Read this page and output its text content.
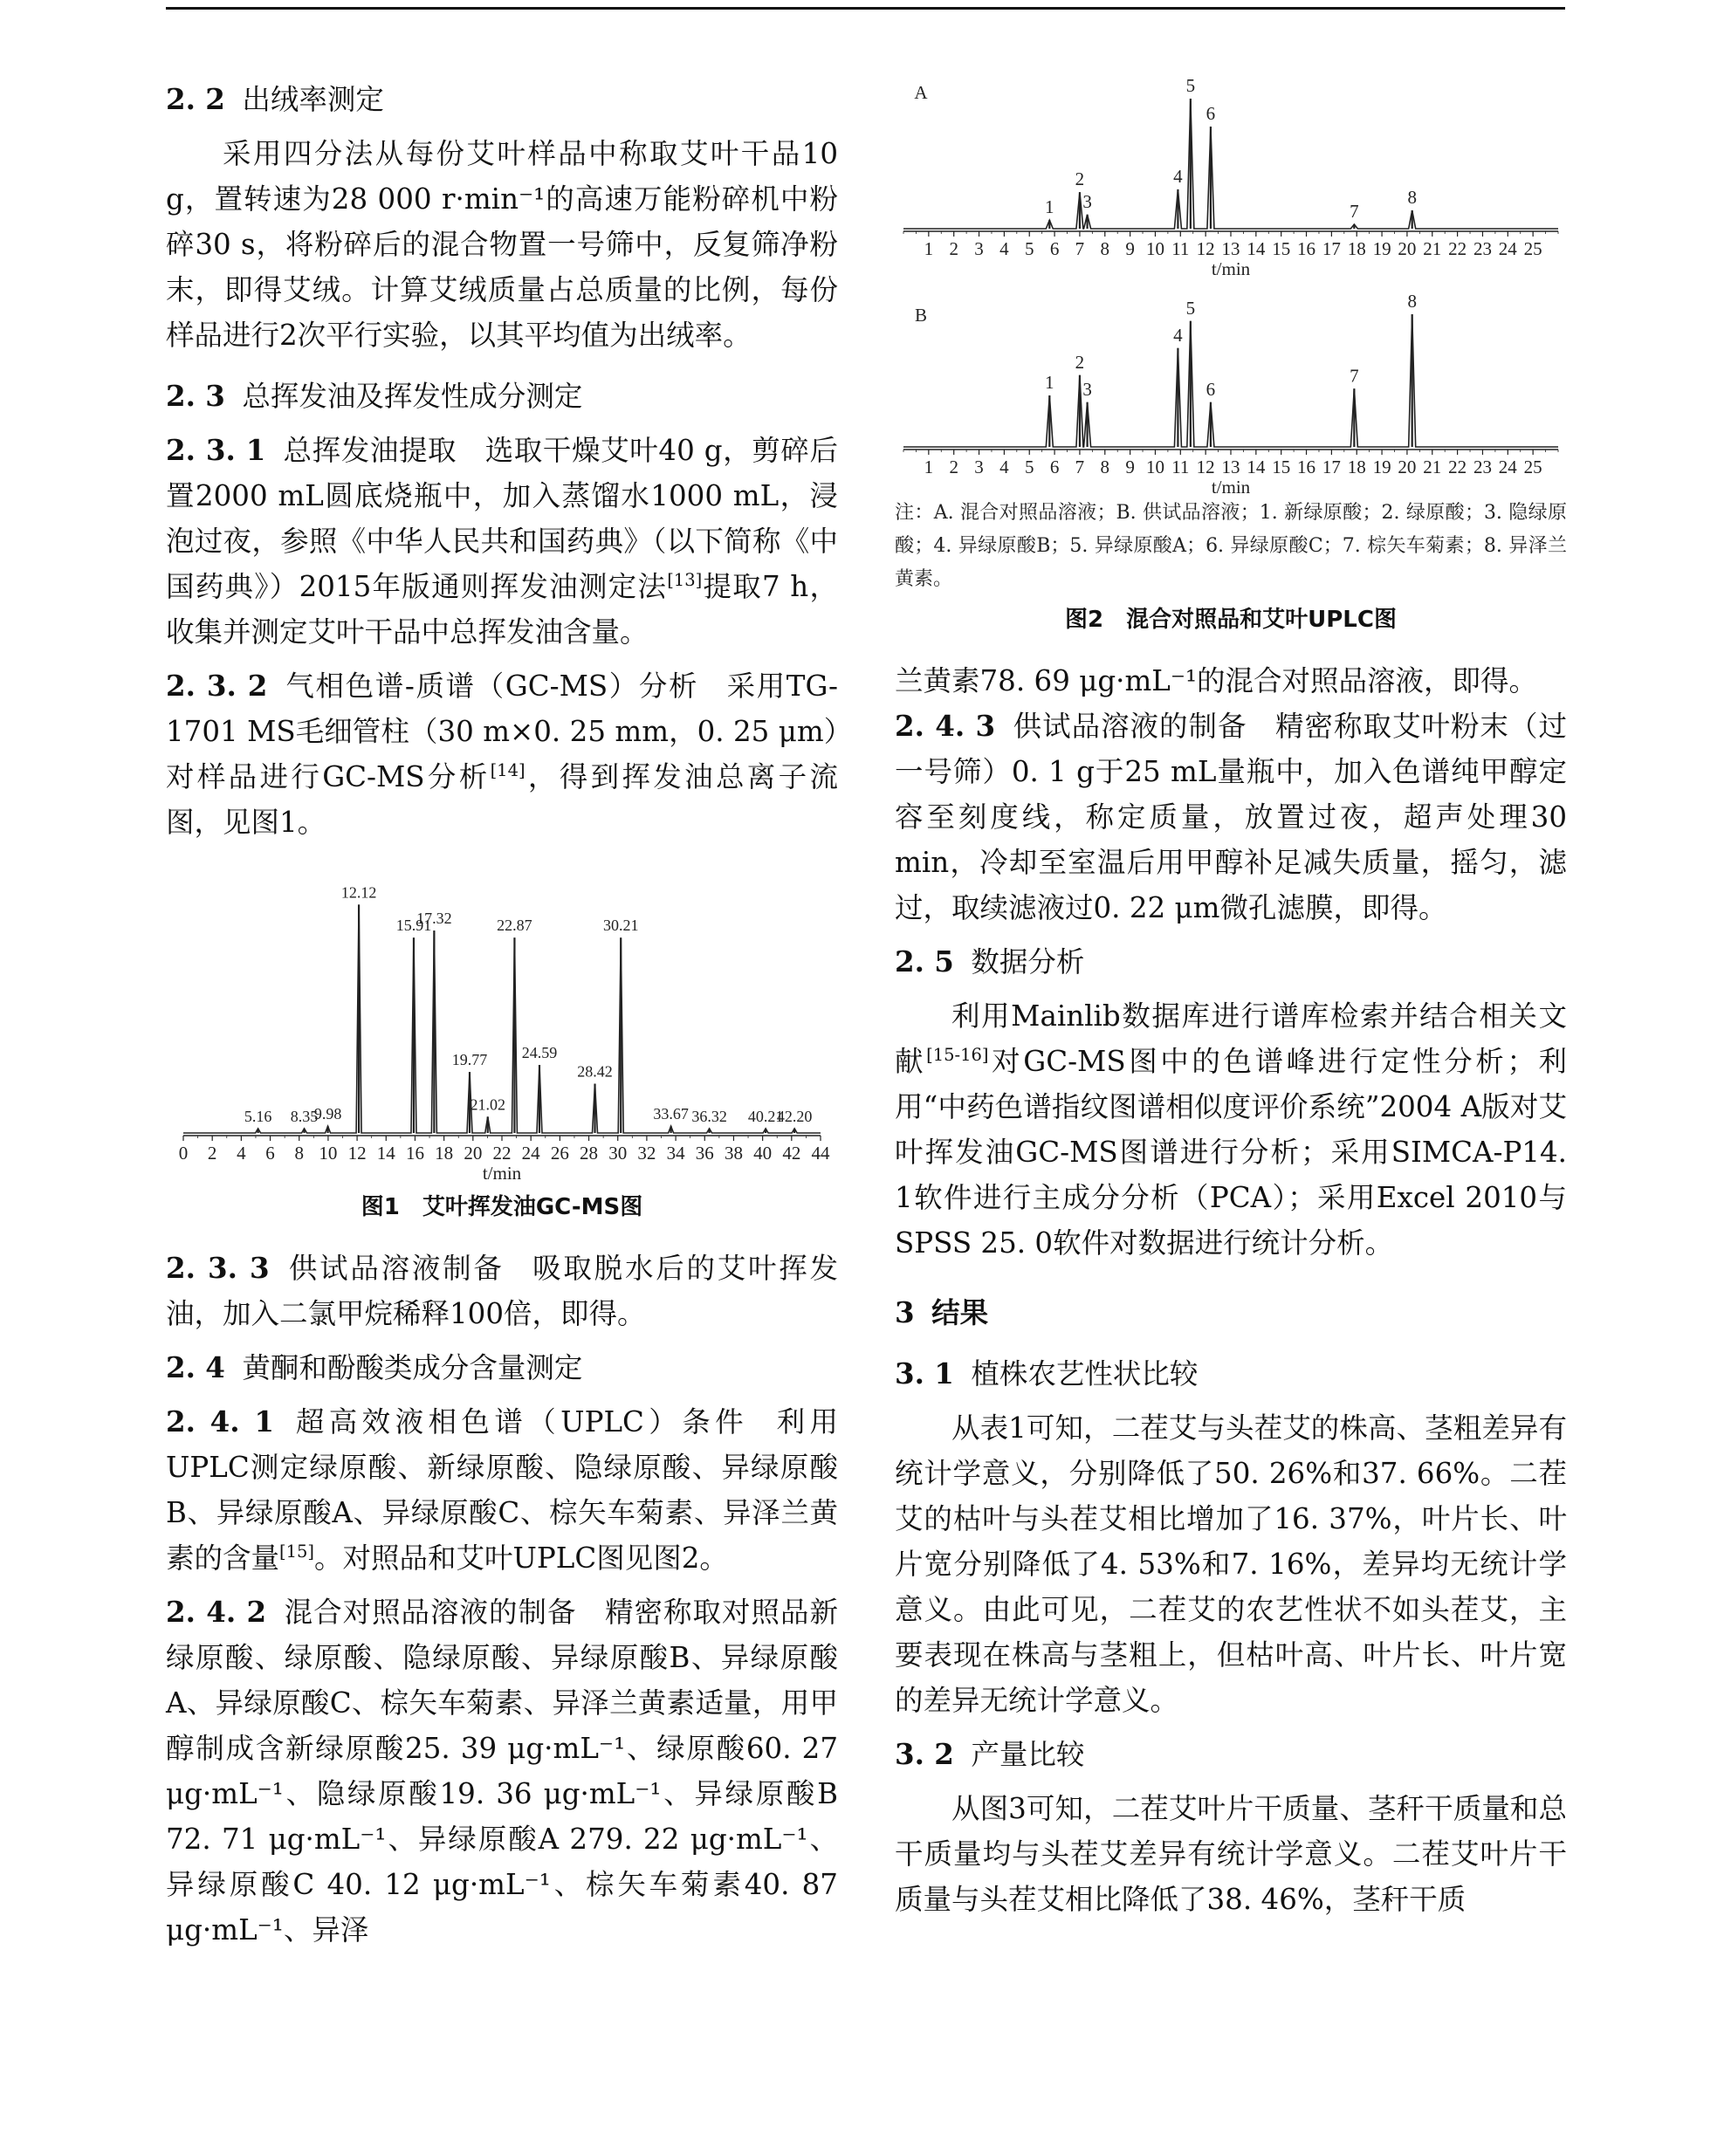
2. 2 出绒率测定

采用四分法从每份艾叶样品中称取艾叶干品10 g，置转速为28 000 r·min⁻¹的高速万能粉碎机中粉碎30 s，将粉碎后的混合物置一号筛中，反复筛净粉末，即得艾绒。计算艾绒质量占总质量的比例，每份样品进行2次平行实验，以其平均值为出绒率。

2. 3 总挥发油及挥发性成分测定

2. 3. 1 总挥发油提取 选取干燥艾叶40 g，剪碎后置2000 mL圆底烧瓶中，加入蒸馏水1000 mL，浸泡过夜，参照《中华人民共和国药典》（以下简称《中国药典》）2015年版通则挥发油测定法[13]提取7 h，收集并测定艾叶干品中总挥发油含量。

2. 3. 2 气相色谱-质谱（GC-MS）分析 采用TG-1701 MS毛细管柱（30 m×0. 25 mm，0. 25 μm）对样品进行GC-MS分析[14]，得到挥发油总离子流图，见图1。

0 2 4 6 8 10 12 14 16 18 20 22 24 26 28 30 32 34 36 38 40 42 44
t/min
5.16 8.35
9.98
12.12
15.91
17.32
19.77
21.02
22.87
24.59
28.42
30.21
33.67 36.32 40.21
42.20

图1　艾叶挥发油GC-MS图

2. 3. 3 供试品溶液制备 吸取脱水后的艾叶挥发油，加入二氯甲烷稀释100倍，即得。

2. 4 黄酮和酚酸类成分含量测定

2. 4. 1 超高效液相色谱（UPLC）条件 利用UPLC测定绿原酸、新绿原酸、隐绿原酸、异绿原酸B、异绿原酸A、异绿原酸C、棕矢车菊素、异泽兰黄素的含量[15]。对照品和艾叶UPLC图见图2。

2. 4. 2 混合对照品溶液的制备 精密称取对照品新绿原酸、绿原酸、隐绿原酸、异绿原酸B、异绿原酸A、异绿原酸C、棕矢车菊素、异泽兰黄素适量，用甲醇制成含新绿原酸25. 39 μg·mL⁻¹、绿原酸60. 27 μg·mL⁻¹、隐绿原酸19. 36 μg·mL⁻¹、异绿原酸B 72. 71 μg·mL⁻¹、异绿原酸A 279. 22 μg·mL⁻¹、异绿原酸C 40. 12 μg·mL⁻¹、棕矢车菊素40. 87 μg·mL⁻¹、异泽

1 2 3 4 5 6 7 8 9 10 11 12 13 14 15 16 17 18 19 20 21 22 23 24 25
t/min
A
1
2
3
4
5
6
7
8
1 2 3 4 5 6 7 8 9 10 11 12 13 14 15 16 17 18 19 20 21 22 23 24 25
t/min
B
1
2
3
4
5
6
7
8

注：A. 混合对照品溶液；B. 供试品溶液；1. 新绿原酸；2. 绿原酸；3. 隐绿原酸；4. 异绿原酸B；5. 异绿原酸A；6. 异绿原酸C；7. 棕矢车菊素；8. 异泽兰黄素。

图2　混合对照品和艾叶UPLC图

兰黄素78. 69 μg·mL⁻¹的混合对照品溶液，即得。

2. 4. 3 供试品溶液的制备 精密称取艾叶粉末（过一号筛）0. 1 g于25 mL量瓶中，加入色谱纯甲醇定容至刻度线，称定质量，放置过夜，超声处理30 min，冷却至室温后用甲醇补足减失质量，摇匀，滤过，取续滤液过0. 22 μm微孔滤膜，即得。

2. 5 数据分析

利用Mainlib数据库进行谱库检索并结合相关文献[15-16]对GC-MS图中的色谱峰进行定性分析；利用“中药色谱指纹图谱相似度评价系统”2004 A版对艾叶挥发油GC-MS图谱进行分析；采用SIMCA-P14. 1软件进行主成分分析（PCA）；采用Excel 2010与SPSS 25. 0软件对数据进行统计分析。

3 结果

3. 1 植株农艺性状比较

从表1可知，二茬艾与头茬艾的株高、茎粗差异有统计学意义，分别降低了50. 26%和37. 66%。二茬艾的枯叶与头茬艾相比增加了16. 37%，叶片长、叶片宽分别降低了4. 53%和7. 16%，差异均无统计学意义。由此可见，二茬艾的农艺性状不如头茬艾，主要表现在株高与茎粗上，但枯叶高、叶片长、叶片宽的差异无统计学意义。

3. 2 产量比较

从图3可知，二茬艾叶片干质量、茎秆干质量和总干质量均与头茬艾差异有统计学意义。二茬艾叶片干质量与头茬艾相比降低了38. 46%，茎秆干质
